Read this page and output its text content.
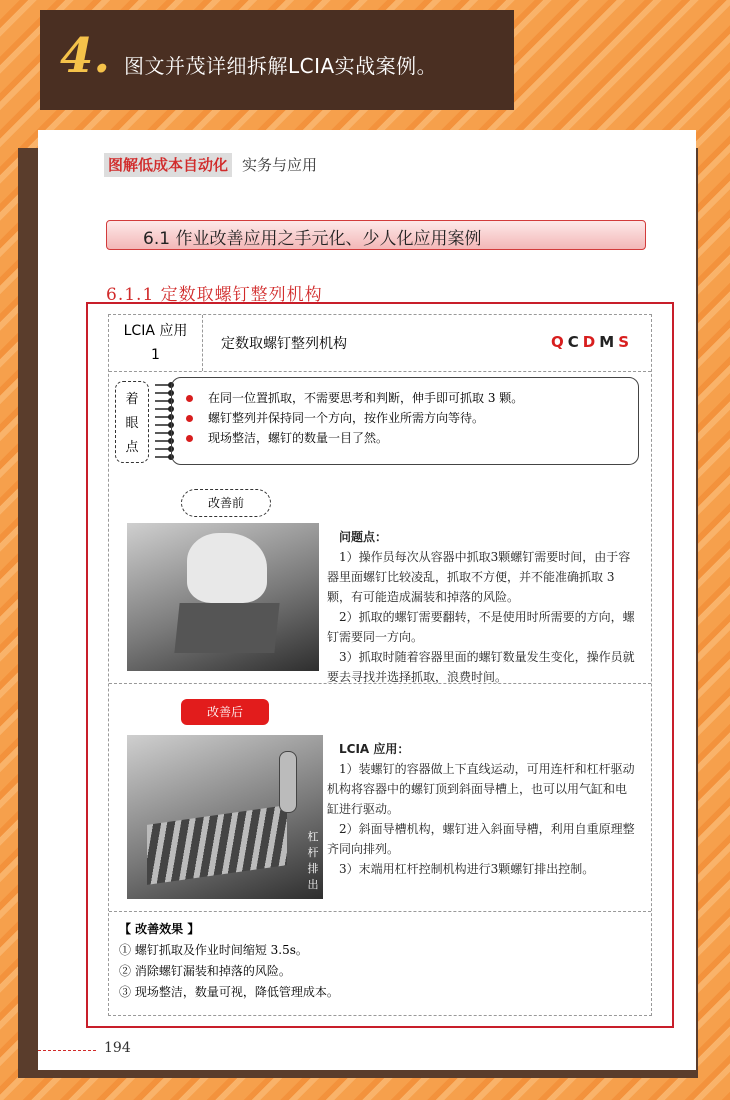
4. 图文并茂详细拆解LCIA实战案例。
图解低成本自动化 实务与应用
6.1 作业改善应用之手元化、少人化应用案例
6.1.1 定数取螺钉整列机构
LCIA 应用
1
定数取螺钉整列机构	QCDMS
着
眼
点
在同一位置抓取，不需要思考和判断，伸手即可抓取 3 颗。
螺钉整列并保持同一个方向，按作业所需方向等待。
现场整洁，螺钉的数量一目了然。
改善前

问题点：

1）操作员每次从容器中抓取3颗螺钉需要时间，由于容器里面螺钉比较凌乱，抓取不方便，并不能准确抓取 3 颗，有可能造成漏装和掉落的风险。

2）抓取的螺钉需要翻转，不是使用时所需要的方向，螺钉需要同一方向。

3）抓取时随着容器里面的螺钉数量发生变化，操作员就要去寻找并选择抓取，浪费时间。

改善后
杠杆排出

LCIA 应用：

1）装螺钉的容器做上下直线运动，可用连杆和杠杆驱动机构将容器中的螺钉顶到斜面导槽上，也可以用气缸和电缸进行驱动。

2）斜面导槽机构，螺钉进入斜面导槽，利用自重原理整齐同向排列。

3）末端用杠杆控制机构进行3颗螺钉排出控制。

【 改善效果 】

① 螺钉抓取及作业时间缩短 3.5s。

② 消除螺钉漏装和掉落的风险。

③ 现场整洁，数量可视，降低管理成本。

194
